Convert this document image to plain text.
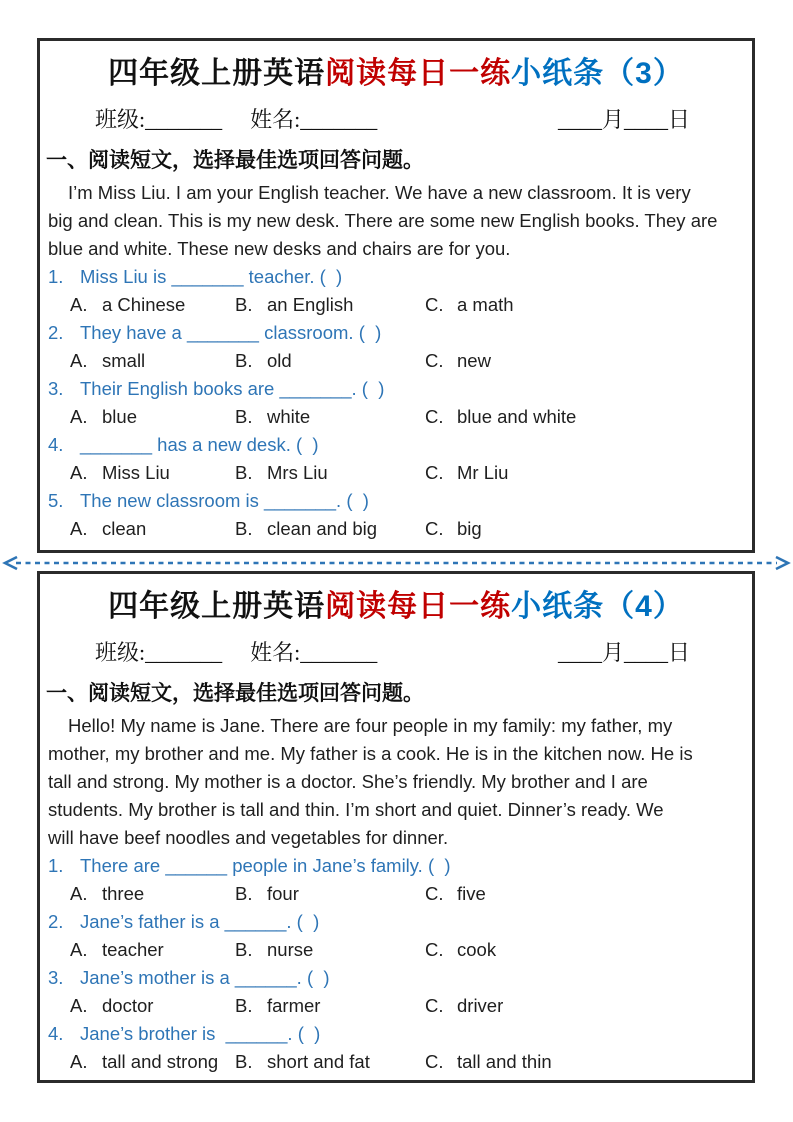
四年级上册英语阅读每日一练小纸条（3）
班级: _______ 姓名: _______	____月____日
一、阅读短文，选择最佳选项回答问题。
I’m Miss Liu. I am your English teacher. We have a new classroom. It is very
big and clean. This is my new desk. There are some new English books. They are
blue and white. These new desks and chairs are for you.
1. Miss Liu is _______ teacher. (  )
A. a Chinese	B. an English	C. a math
2. They have a _______ classroom. (  )
A. small	B. old	C. new
3. Their English books are _______. (  )
A. blue	B. white	C. blue and white
4. _______ has a new desk. (  )
A. Miss Liu	B. Mrs Liu	C. Mr Liu
5. The new classroom is _______. (  )
A. clean	B. clean and big	C. big
四年级上册英语阅读每日一练小纸条（4）
班级: _______ 姓名: _______	____月____日
一、阅读短文，选择最佳选项回答问题。
Hello! My name is Jane. There are four people in my family: my father, my
mother, my brother and me. My father is a cook. He is in the kitchen now. He is
tall and strong. My mother is a doctor. She’s friendly. My brother and I are
students. My brother is tall and thin. I’m short and quiet. Dinner’s ready. We
will have beef noodles and vegetables for dinner.
1. There are ______ people in Jane’s family. (  )
A. three	B. four	C. five
2. Jane’s father is a ______. (  )
A. teacher	B. nurse	C. cook
3. Jane’s mother is a ______. (  )
A. doctor	B. farmer	C. driver
4. Jane’s brother is  ______. (  )
A. tall and strong B. short and fat	C. tall and thin
